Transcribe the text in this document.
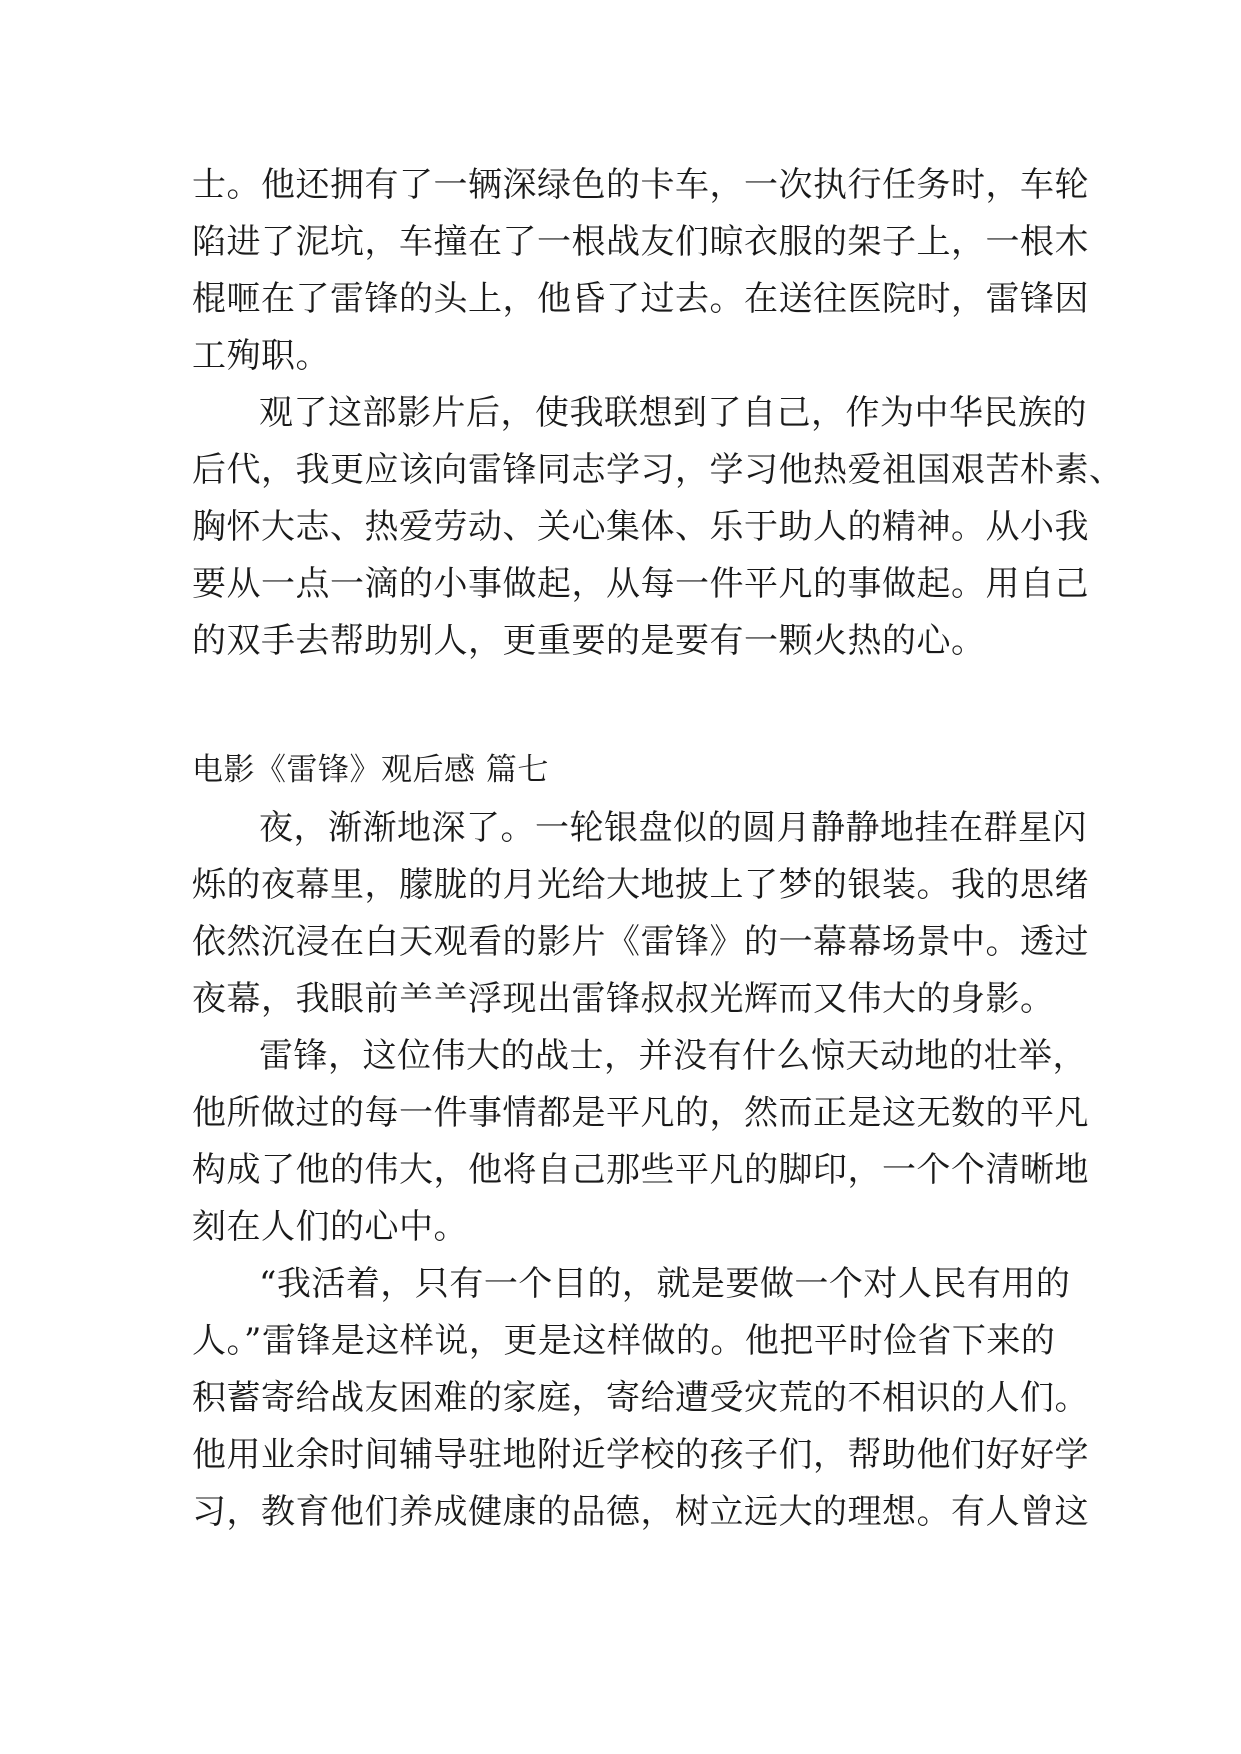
士。他还拥有了一辆深绿色的卡车，一次执行任务时，车轮
陷进了泥坑，车撞在了一根战友们晾衣服的架子上，一根木
棍咂在了雷锋的头上，他昏了过去。在送往医院时，雷锋因
工殉职。
观了这部影片后，使我联想到了自己，作为中华民族的
后代，我更应该向雷锋同志学习，学习他热爱祖国艰苦朴素、
胸怀大志、热爱劳动、关心集体、乐于助人的精神。从小我
要从一点一滴的小事做起，从每一件平凡的事做起。用自己
的双手去帮助别人，更重要的是要有一颗火热的心。
电影《雷锋》观后感 篇七
夜，渐渐地深了。一轮银盘似的圆月静静地挂在群星闪
烁的夜幕里，朦胧的月光给大地披上了梦的银装。我的思绪
依然沉浸在白天观看的影片《雷锋》的一幕幕场景中。透过
夜幕，我眼前⺷⺷浮现出雷锋叔叔光辉而又伟大的身影。
雷锋，这位伟大的战士，并没有什么惊天动地的壮举，
他所做过的每一件事情都是平凡的，然而正是这无数的平凡
构成了他的伟大，他将自己那些平凡的脚印，一个个清晰地
刻在人们的心中。
“我活着，只有一个目的，就是要做一个对人民有用的
人。”雷锋是这样说，更是这样做的。他把平时俭省下来的
积蓄寄给战友困难的家庭，寄给遭受灾荒的不相识的人们。
他用业余时间辅导驻地附近学校的孩子们，帮助他们好好学
习，教育他们养成健康的品德，树立远大的理想。有人曾这
